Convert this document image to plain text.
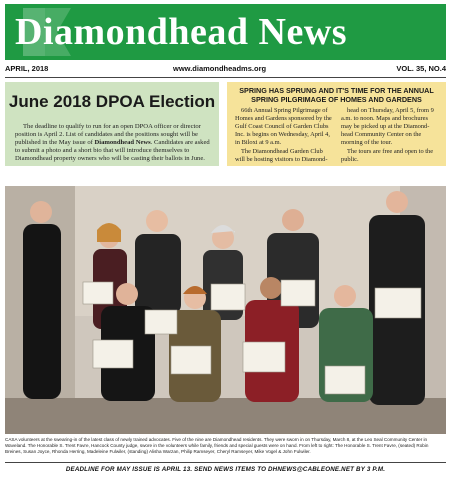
Diamondhead News
APRIL, 2018	www.diamondheadms.org	VOL. 35, NO.4
June 2018 DPOA Election

The deadline to qualify to run for an open DPOA officer or director position is April 2. List of candidates and the positions sought will be published in the May issue of Diamondhead News. Candidates are asked to submit a photo and a short bio that will introduce themselves to Diamondhead property owners who will be casting their ballots in June.

SPRING HAS SPRUNG AND IT'S TIME FOR THE ANNUAL SPRING PILGRIMAGE OF HOMES AND GARDENS

66th Annual Spring Pilgrimage of Homes and Gardens sponsored by the Gulf Coast Council of Garden Clubs Inc. is begins on Wednesday, April 4, in Biloxi at 9 a.m.

The Diamondhead Garden Club will be hosting visitors to Diamond-

head on Thursday, April 5, from 9 a.m. to noon. Maps and brochures may be picked up at the Diamond-head Community Center on the morning of the tour.

The tours are free and open to the public.

CASA volunteers at the swearing-in of the latest class of newly trained advocates. Five of the nine are Diamondhead residents. They were sworn in on Thursday, March 8, at the Leo Seal Community Center in Waveland. The Honorable S. Trent Favre, Hancock County judge, swore in the volunteers while family, friends and special guests were on hand. From left to right: The Honorable S. Trent Favre, (seated) Robin Breines, Susan Joyce, Rhonda Herring, Madeleine Fulwiler, (standing) Alisha Warzan, Philip Ramseyer, Cheryl Ramseyer, Mike Vogel & John Fulwiler.
DEADLINE FOR MAY ISSUE IS APRIL 13. SEND NEWS ITEMS TO DHNEWS@CABLEONE.NET BY 3 P.M.
